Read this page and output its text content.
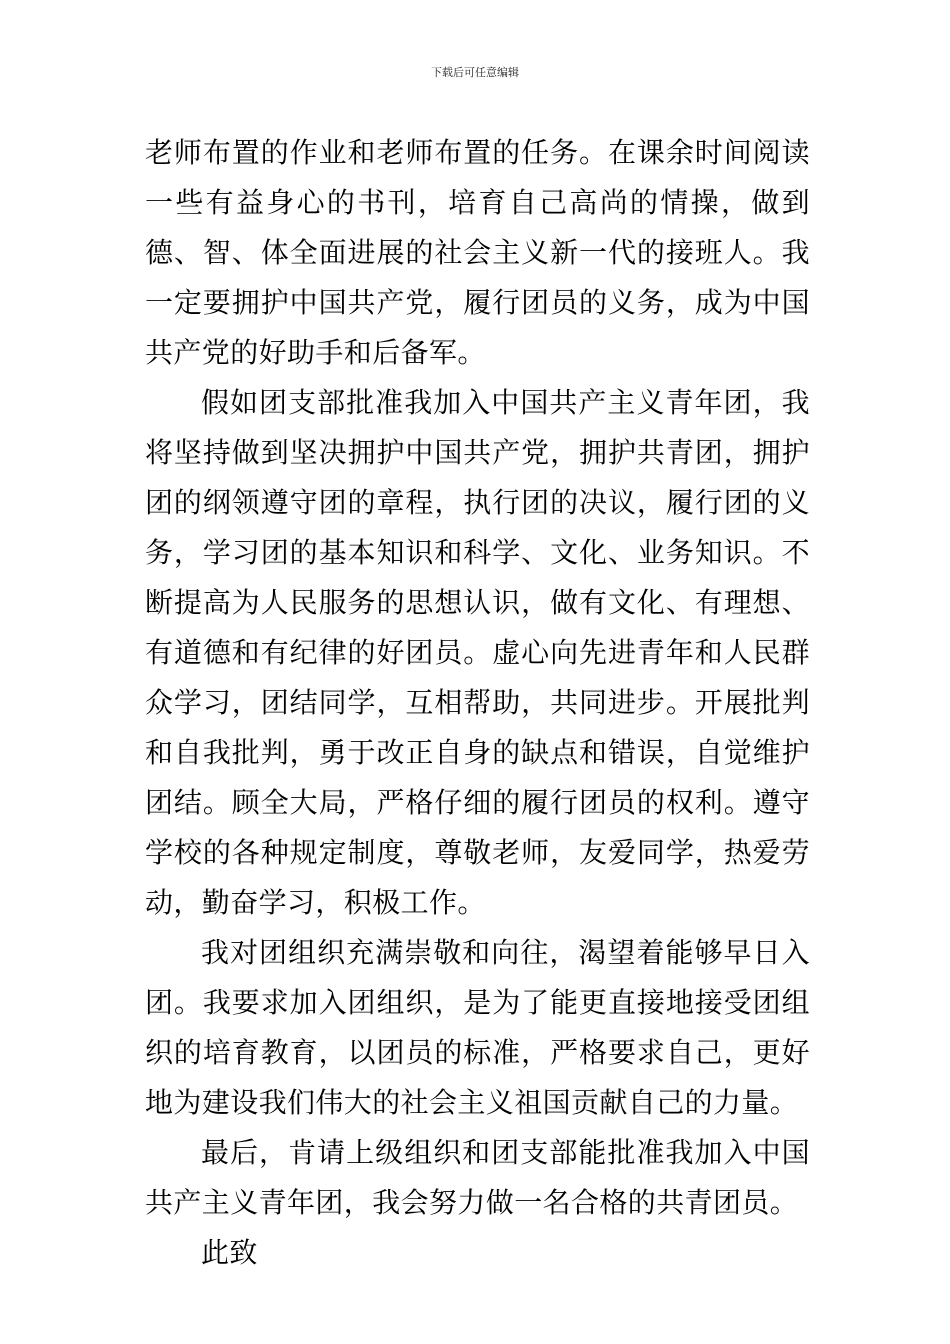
下载后可任意编辑

老师布置的作业和老师布置的任务。在课余时间阅读一些有益身心的书刊，培育自己高尚的情操，做到德、智、体全面进展的社会主义新一代的接班人。我一定要拥护中国共产党，履行团员的义务，成为中国共产党的好助手和后备军。

假如团支部批准我加入中国共产主义青年团，我将坚持做到坚决拥护中国共产党，拥护共青团，拥护团的纲领遵守团的章程，执行团的决议，履行团的义务，学习团的基本知识和科学、文化、业务知识。不断提高为人民服务的思想认识，做有文化、有理想、有道德和有纪律的好团员。虚心向先进青年和人民群众学习，团结同学，互相帮助，共同进步。开展批判和自我批判，勇于改正自身的缺点和错误，自觉维护团结。顾全大局，严格仔细的履行团员的权利。遵守学校的各种规定制度，尊敬老师，友爱同学，热爱劳动，勤奋学习，积极工作。

我对团组织充满崇敬和向往，渴望着能够早日入团。我要求加入团组织，是为了能更直接地接受团组织的培育教育，以团员的标准，严格要求自己，更好地为建设我们伟大的社会主义祖国贡献自己的力量。

最后，肯请上级组织和团支部能批准我加入中国共产主义青年团，我会努力做一名合格的共青团员。

此致
